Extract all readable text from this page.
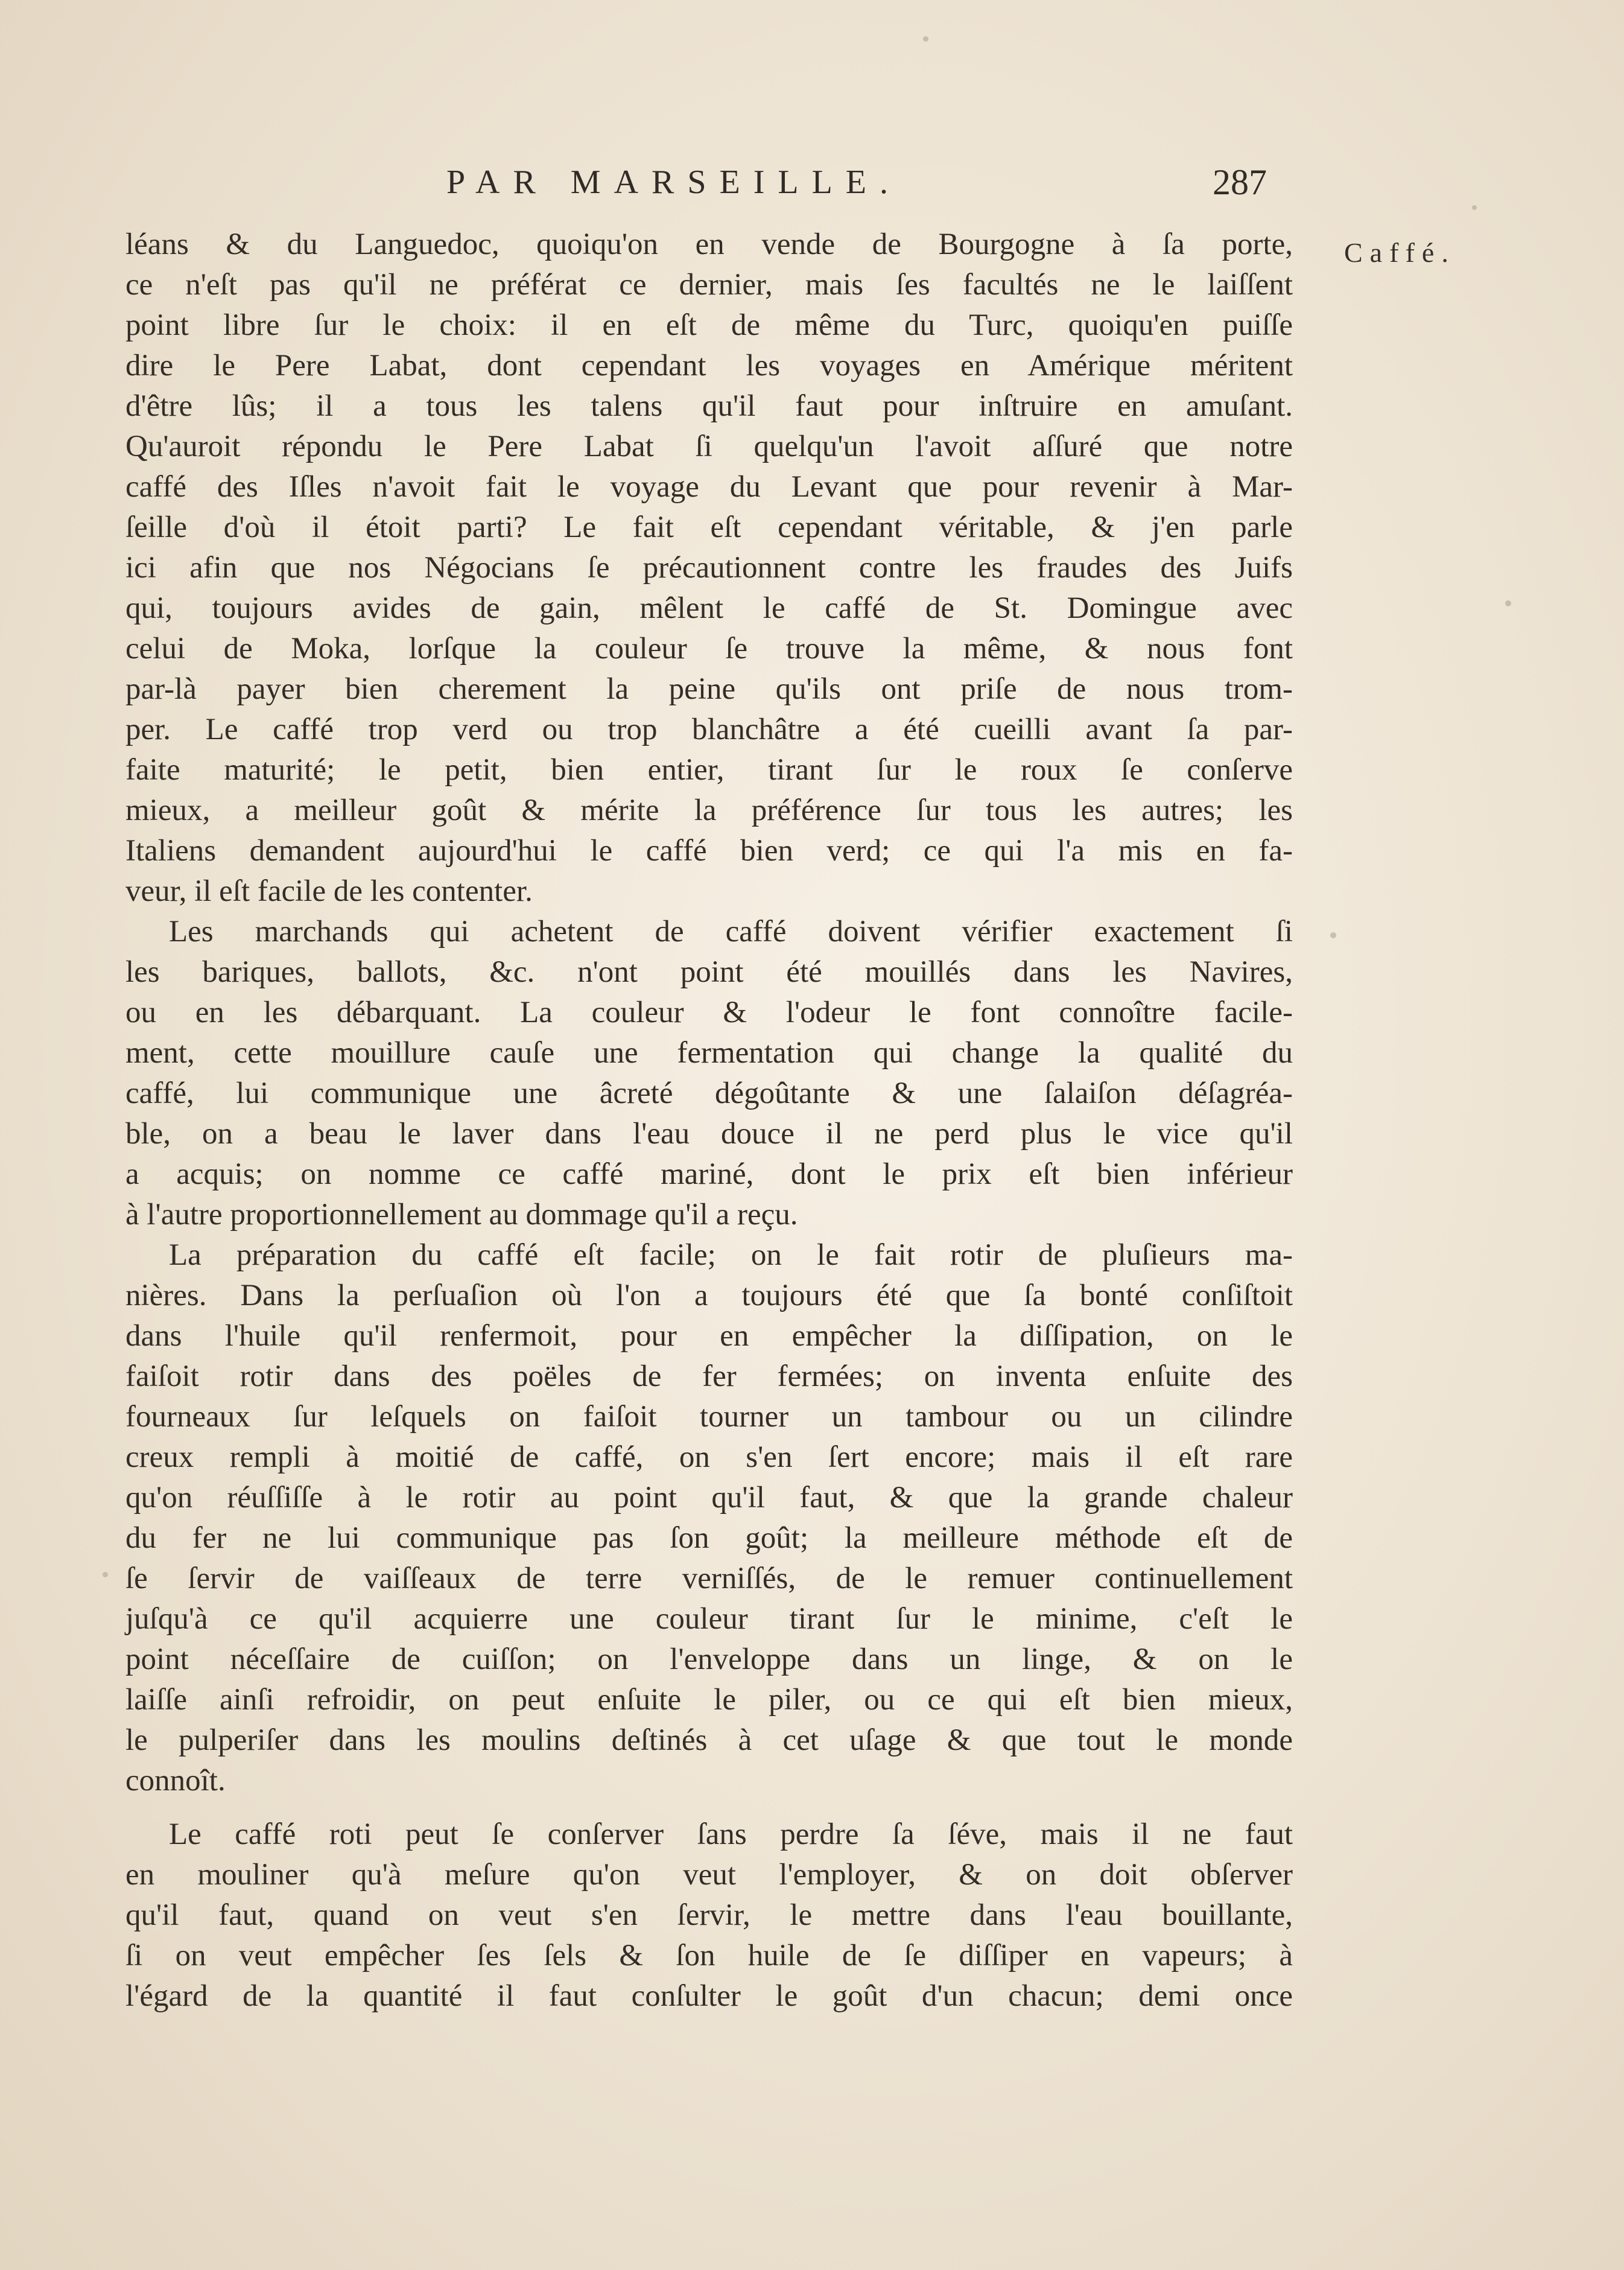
PAR MARSEILLE.	287
Caffé.
léans & du Languedoc, quoiqu'on en vende de Bourgogne à ſa porte,
ce n'eſt pas qu'il ne préférat ce dernier, mais ſes facultés ne le laiſſent
point libre ſur le choix: il en eſt de même du Turc, quoiqu'en puiſſe
dire le Pere Labat, dont cependant les voyages en Amérique méritent
d'être lûs; il a tous les talens qu'il faut pour inſtruire en amuſant.
Qu'auroit répondu le Pere Labat ſi quelqu'un l'avoit aſſuré que notre
caffé des Iſles n'avoit fait le voyage du Levant que pour revenir à Mar-
ſeille d'où il étoit parti? Le fait eſt cependant véritable, & j'en parle
ici afin que nos Négocians ſe précautionnent contre les fraudes des Juifs
qui, toujours avides de gain, mêlent le caffé de St. Domingue avec
celui de Moka, lorſque la couleur ſe trouve la même, & nous font
par-là payer bien cherement la peine qu'ils ont priſe de nous trom-
per. Le caffé trop verd ou trop blanchâtre a été cueilli avant ſa par-
faite maturité; le petit, bien entier, tirant ſur le roux ſe conſerve
mieux, a meilleur goût & mérite la préférence ſur tous les autres; les
Italiens demandent aujourd'hui le caffé bien verd; ce qui l'a mis en fa-
veur, il eſt facile de les contenter.
Les marchands qui achetent de caffé doivent vérifier exactement ſi
les bariques, ballots, &c. n'ont point été mouillés dans les Navires,
ou en les débarquant. La couleur & l'odeur le font connoître facile-
ment, cette mouillure cauſe une fermentation qui change la qualité du
caffé, lui communique une âcreté dégoûtante & une ſalaiſon déſagréa-
ble, on a beau le laver dans l'eau douce il ne perd plus le vice qu'il
a acquis; on nomme ce caffé mariné, dont le prix eſt bien inférieur
à l'autre proportionnellement au dommage qu'il a reçu.
La préparation du caffé eſt facile; on le fait rotir de pluſieurs ma-
nières. Dans la perſuaſion où l'on a toujours été que ſa bonté conſiſtoit
dans l'huile qu'il renfermoit, pour en empêcher la diſſipation, on le
faiſoit rotir dans des poëles de fer fermées; on inventa enſuite des
fourneaux ſur leſquels on faiſoit tourner un tambour ou un cilindre
creux rempli à moitié de caffé, on s'en ſert encore; mais il eſt rare
qu'on réuſſiſſe à le rotir au point qu'il faut, & que la grande chaleur
du fer ne lui communique pas ſon goût; la meilleure méthode eſt de
ſe ſervir de vaiſſeaux de terre verniſſés, de le remuer continuellement
juſqu'à ce qu'il acquierre une couleur tirant ſur le minime, c'eſt le
point néceſſaire de cuiſſon; on l'enveloppe dans un linge, & on le
laiſſe ainſi refroidir, on peut enſuite le piler, ou ce qui eſt bien mieux,
le pulperiſer dans les moulins deſtinés à cet uſage & que tout le monde
connoît.
Le caffé roti peut ſe conſerver ſans perdre ſa ſéve, mais il ne faut
en mouliner qu'à meſure qu'on veut l'employer, & on doit obſerver
qu'il faut, quand on veut s'en ſervir, le mettre dans l'eau bouillante,
ſi on veut empêcher ſes ſels & ſon huile de ſe diſſiper en vapeurs; à
l'égard de la quantité il faut conſulter le goût d'un chacun; demi once
